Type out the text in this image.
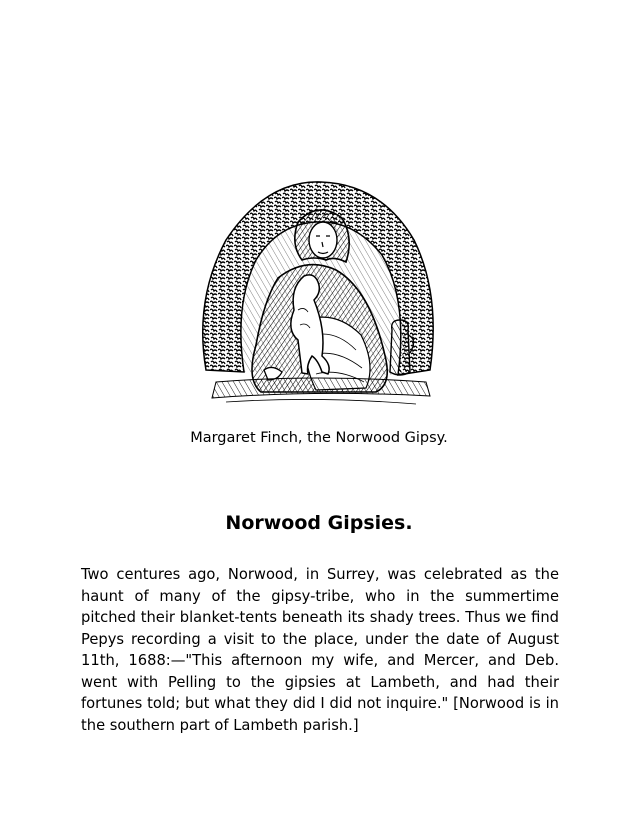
Margaret Finch, the Norwood Gipsy.
Norwood Gipsies.

Two centures ago, Norwood, in Surrey, was celebrated as the haunt of many of the gipsy-tribe, who in the summertime pitched their blanket-tents beneath its shady trees. Thus we find Pepys recording a visit to the place, under the date of August 11th, 1688:—"This afternoon my wife, and Mercer, and Deb. went with Pelling to the gipsies at Lambeth, and had their fortunes told; but what they did I did not inquire." [Norwood is in the southern part of Lambeth parish.]
